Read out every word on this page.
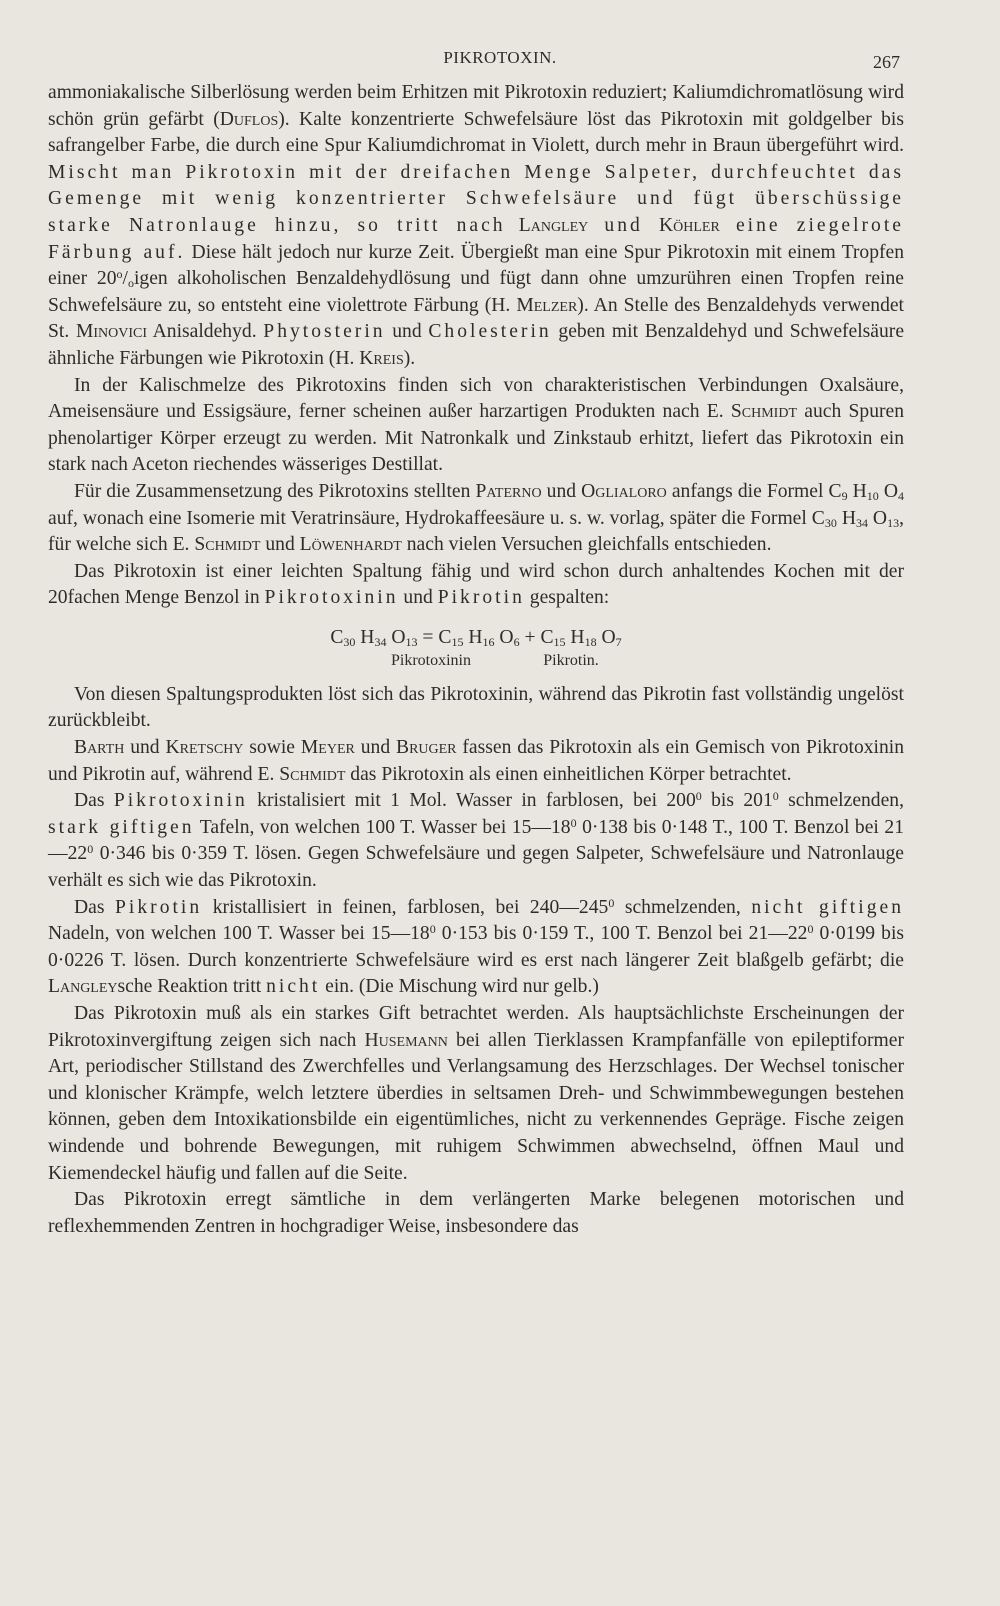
PIKROTOXIN.	267

ammoniakalische Silberlösung werden beim Erhitzen mit Pikrotoxin reduziert; Kaliumdichromatlösung wird schön grün gefärbt (Duflos). Kalte konzentrierte Schwefelsäure löst das Pikrotoxin mit goldgelber bis safrangelber Farbe, die durch eine Spur Kaliumdichromat in Violett, durch mehr in Braun übergeführt wird. Mischt man Pikrotoxin mit der dreifachen Menge Salpeter, durchfeuchtet das Gemenge mit wenig konzentrierter Schwefelsäure und fügt überschüssige starke Natronlauge hinzu, so tritt nach Langley und Köhler eine ziegelrote Färbung auf. Diese hält jedoch nur kurze Zeit. Übergießt man eine Spur Pikrotoxin mit einem Tropfen einer $20^o/_oigen$ alkoholischen Benzaldehydlösung und fügt dann ohne umzurühren einen Tropfen reine Schwefelsäure zu, so entsteht eine violettrote Färbung (H. Melzer). An Stelle des Benzaldehyds verwendet St. Minovici Anisaldehyd. Phytosterin und Cholesterin geben mit Benzaldehyd und Schwefelsäure ähnliche Färbungen wie Pikrotoxin (H. Kreis).

In der Kalischmelze des Pikrotoxins finden sich von charakteristischen Verbindungen Oxalsäure, Ameisensäure und Essigsäure, ferner scheinen außer harzartigen Produkten nach E. Schmidt auch Spuren phenolartiger Körper erzeugt zu werden. Mit Natronkalk und Zinkstaub erhitzt, liefert das Pikrotoxin ein stark nach Aceton riechendes wässeriges Destillat.

Für die Zusammensetzung des Pikrotoxins stellten Paterno und Oglialoro anfangs die Formel $C_9$ $H_{10}$ $O_4$ auf, wonach eine Isomerie mit Veratrinsäure, Hydrokaffeesäure u. s. w. vorlag, später die Formel $C_{30}$ $H_{34}$ $O_{13}$, für welche sich E. Schmidt und Löwenhardt nach vielen Versuchen gleichfalls entschieden.

Das Pikrotoxin ist einer leichten Spaltung fähig und wird schon durch anhaltendes Kochen mit der 20fachen Menge Benzol in Pikrotoxinin und Pikrotin gespalten:

$C_{30}$ $H_{34}$ $O_{13} = C_{15}$ $H_{16}$ $O_6 + C_{15}$ $H_{18}$ $O_7$
Pikrotoxinin	Pikrotin.

Von diesen Spaltungsprodukten löst sich das Pikrotoxinin, während das Pikrotin fast vollständig ungelöst zurückbleibt.

Barth und Kretschy sowie Meyer und Bruger fassen das Pikrotoxin als ein Gemisch von Pikrotoxinin und Pikrotin auf, während E. Schmidt das Pikrotoxin als einen einheitlichen Körper betrachtet.

Das Pikrotoxinin kristalisiert mit 1 Mol. Wasser in farblosen, bei $200^0$ bis $201^0$ schmelzenden, stark giftigen Tafeln, von welchen 100 T. Wasser bei $15—18^0$ 0·138 bis 0·148 T., 100 T. Benzol bei $21—22^0$ 0·346 bis 0·359 T. lösen. Gegen Schwefelsäure und gegen Salpeter, Schwefelsäure und Natronlauge verhält es sich wie das Pikrotoxin.

Das Pikrotin kristallisiert in feinen, farblosen, bei $240—245^0$ schmelzenden, nicht giftigen Nadeln, von welchen 100 T. Wasser bei $15—18^0$ 0·153 bis 0·159 T., 100 T. Benzol bei $21—22^0$ 0·0199 bis 0·0226 T. lösen. Durch konzentrierte Schwefelsäure wird es erst nach längerer Zeit blaßgelb gefärbt; die Langleysche Reaktion tritt nicht ein. (Die Mischung wird nur gelb.)

Das Pikrotoxin muß als ein starkes Gift betrachtet werden. Als hauptsächlichste Erscheinungen der Pikrotoxinvergiftung zeigen sich nach Husemann bei allen Tierklassen Krampfanfälle von epileptiformer Art, periodischer Stillstand des Zwerchfelles und Verlangsamung des Herzschlages. Der Wechsel tonischer und klonischer Krämpfe, welch letztere überdies in seltsamen Dreh- und Schwimmbewegungen bestehen können, geben dem Intoxikationsbilde ein eigentümliches, nicht zu verkennendes Gepräge. Fische zeigen windende und bohrende Bewegungen, mit ruhigem Schwimmen abwechselnd, öffnen Maul und Kiemendeckel häufig und fallen auf die Seite.

Das Pikrotoxin erregt sämtliche in dem verlängerten Marke belegenen motorischen und reflexhemmenden Zentren in hochgradiger Weise, insbesondere das
